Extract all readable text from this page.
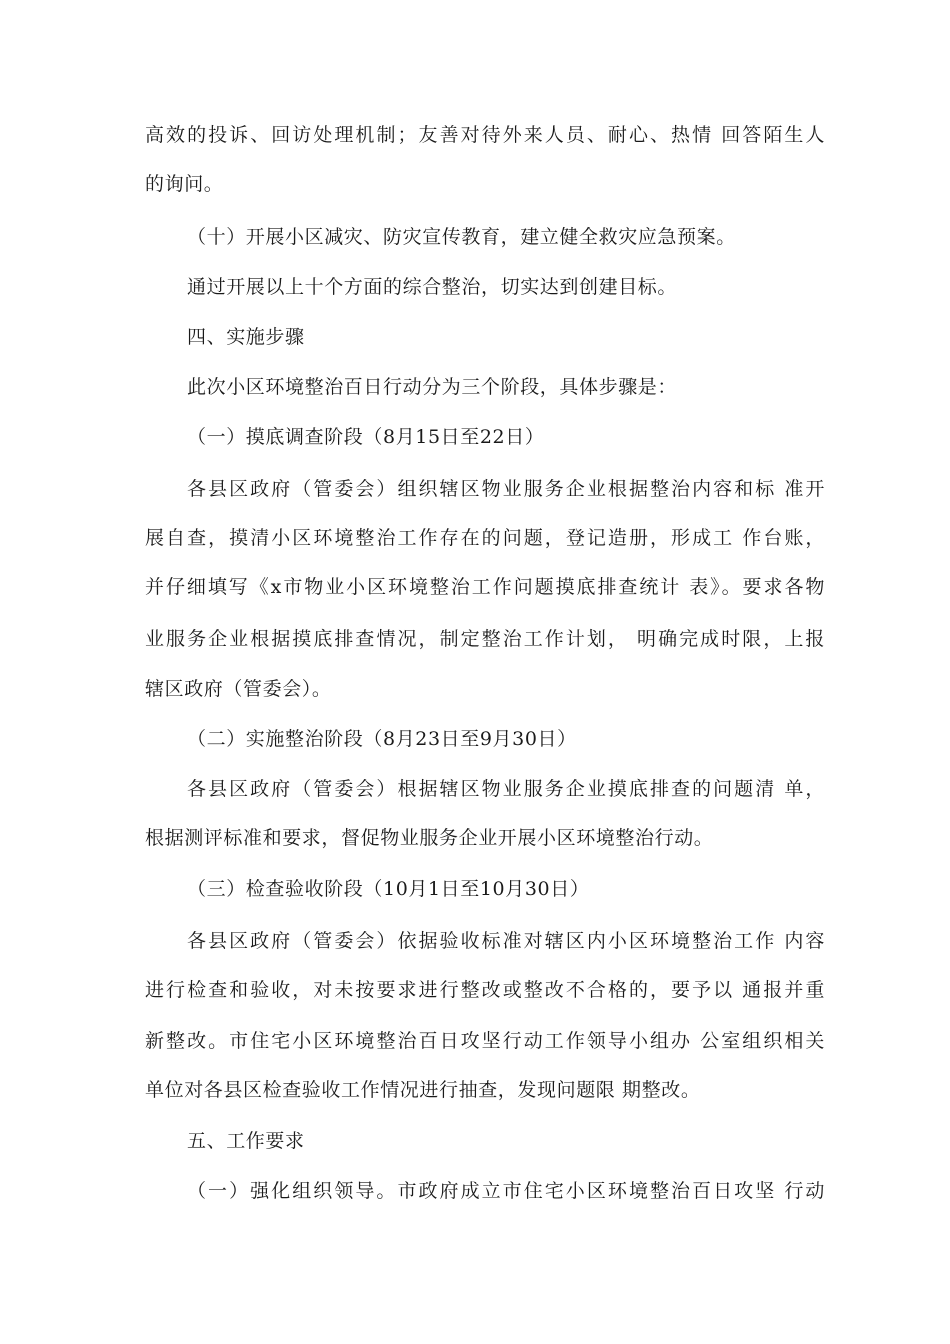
高效的投诉、回访处理机制；友善对待外来人员、耐心、热情 回答陌生人
的询问。
（十）开展小区减灾、防灾宣传教育，建立健全救灾应急预案。
通过开展以上十个方面的综合整治，切实达到创建目标。
四、实施步骤
此次小区环境整治百日行动分为三个阶段，具体步骤是：
（一）摸底调查阶段（8月15日至22日）
各县区政府（管委会）组织辖区物业服务企业根据整治内容和标 准开
展自查，摸清小区环境整治工作存在的问题，登记造册，形成工 作台账，
并仔细填写《x市物业小区环境整治工作问题摸底排查统计 表》。要求各物
业服务企业根据摸底排查情况，制定整治工作计划， 明确完成时限，上报
辖区政府（管委会）。
（二）实施整治阶段（8月23日至9月30日）
各县区政府（管委会）根据辖区物业服务企业摸底排查的问题清 单，
根据测评标准和要求，督促物业服务企业开展小区环境整治行动。
（三）检查验收阶段（10月1日至10月30日）
各县区政府（管委会）依据验收标准对辖区内小区环境整治工作 内容
进行检查和验收，对未按要求进行整改或整改不合格的，要予以 通报并重
新整改。市住宅小区环境整治百日攻坚行动工作领导小组办 公室组织相关
单位对各县区检查验收工作情况进行抽查，发现问题限 期整改。
五、工作要求
（一）强化组织领导。市政府成立市住宅小区环境整治百日攻坚 行动
